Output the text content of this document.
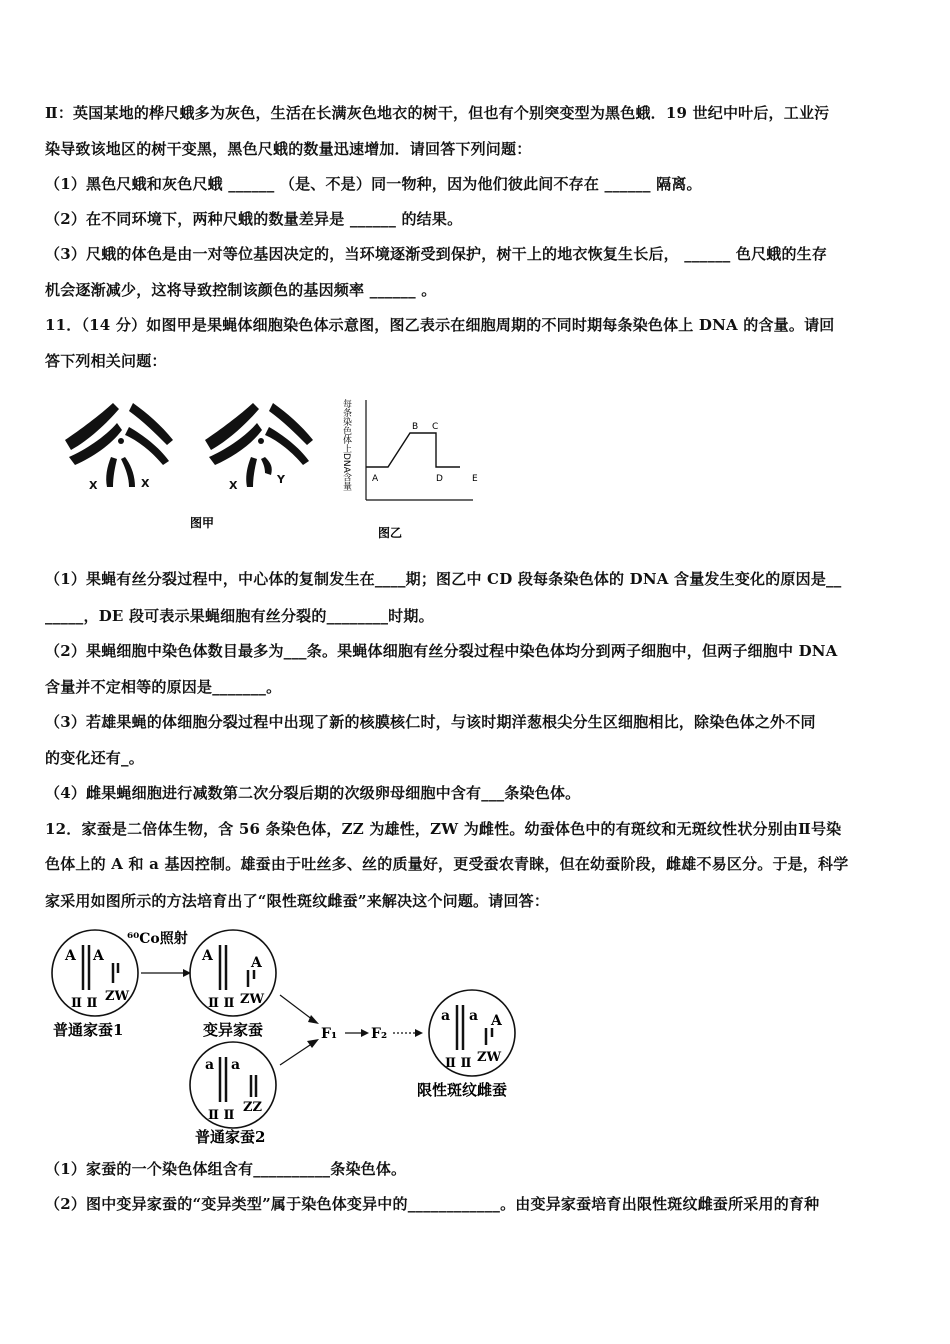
Ⅱ：英国某地的桦尺蛾多为灰色，生活在长满灰色地衣的树干，但也有个别突变型为黑色蛾．19 世纪中叶后，工业污
染导致该地区的树干变黑，黑色尺蛾的数量迅速增加．请回答下列问题：
（1）黑色尺蛾和灰色尺蛾 ______ （是、不是）同一物种，因为他们彼此间不存在 ______ 隔离。
（2）在不同环境下，两种尺蛾的数量差异是 ______ 的结果。
（3）尺蛾的体色是由一对等位基因决定的，当环境逐渐受到保护，树干上的地衣恢复生长后， ______ 色尺蛾的生存
机会逐渐减少，这将导致控制该颜色的基因频率 ______ 。
11．（14 分）如图甲是果蝇体细胞染色体示意图，图乙表示在细胞周期的不同时期每条染色体上 DNA 的含量。请回
答下列相关问题：
X	X	X	Y
图甲
每条染色体上DNA含量 A
B C
D	E
图乙
（1）果蝇有丝分裂过程中，中心体的复制发生在____期；图乙中 CD 段每条染色体的 DNA 含量发生变化的原因是__
_____，DE 段可表示果蝇细胞有丝分裂的________时期。
（2）果蝇细胞中染色体数目最多为___条。果蝇体细胞有丝分裂过程中染色体均分到两子细胞中，但两子细胞中 DNA
含量并不定相等的原因是_______。
（3）若雄果蝇的体细胞分裂过程中出现了新的核膜核仁时，与该时期洋葱根尖分生区细胞相比，除染色体之外不同
的变化还有_。
（4）雌果蝇细胞进行减数第二次分裂后期的次级卵母细胞中含有___条染色体。
12．家蚕是二倍体生物，含 56 条染色体，ZZ 为雄性，ZW 为雌性。幼蚕体色中的有斑纹和无斑纹性状分别由Ⅱ号染
色体上的 A 和 a 基因控制。雄蚕由于吐丝多、丝的质量好，更受蚕农青睐，但在幼蚕阶段，雌雄不易区分。于是，科学
家采用如图所示的方法培育出了“限性斑纹雌蚕”来解决这个问题。请回答：
A A
Ⅱ Ⅱ ZW
普通家蚕1
⁶⁰Co照射
A	A
Ⅱ Ⅱ ZW
变异家蚕
a a
Ⅱ Ⅱ
ZZ
普通家蚕2
F₁ F₂
a a A
Ⅱ Ⅱ ZW
限性斑纹雌蚕
（1）家蚕的一个染色体组含有__________条染色体。
（2）图中变异家蚕的“变异类型”属于染色体变异中的____________。由变异家蚕培育出限性斑纹雌蚕所采用的育种
